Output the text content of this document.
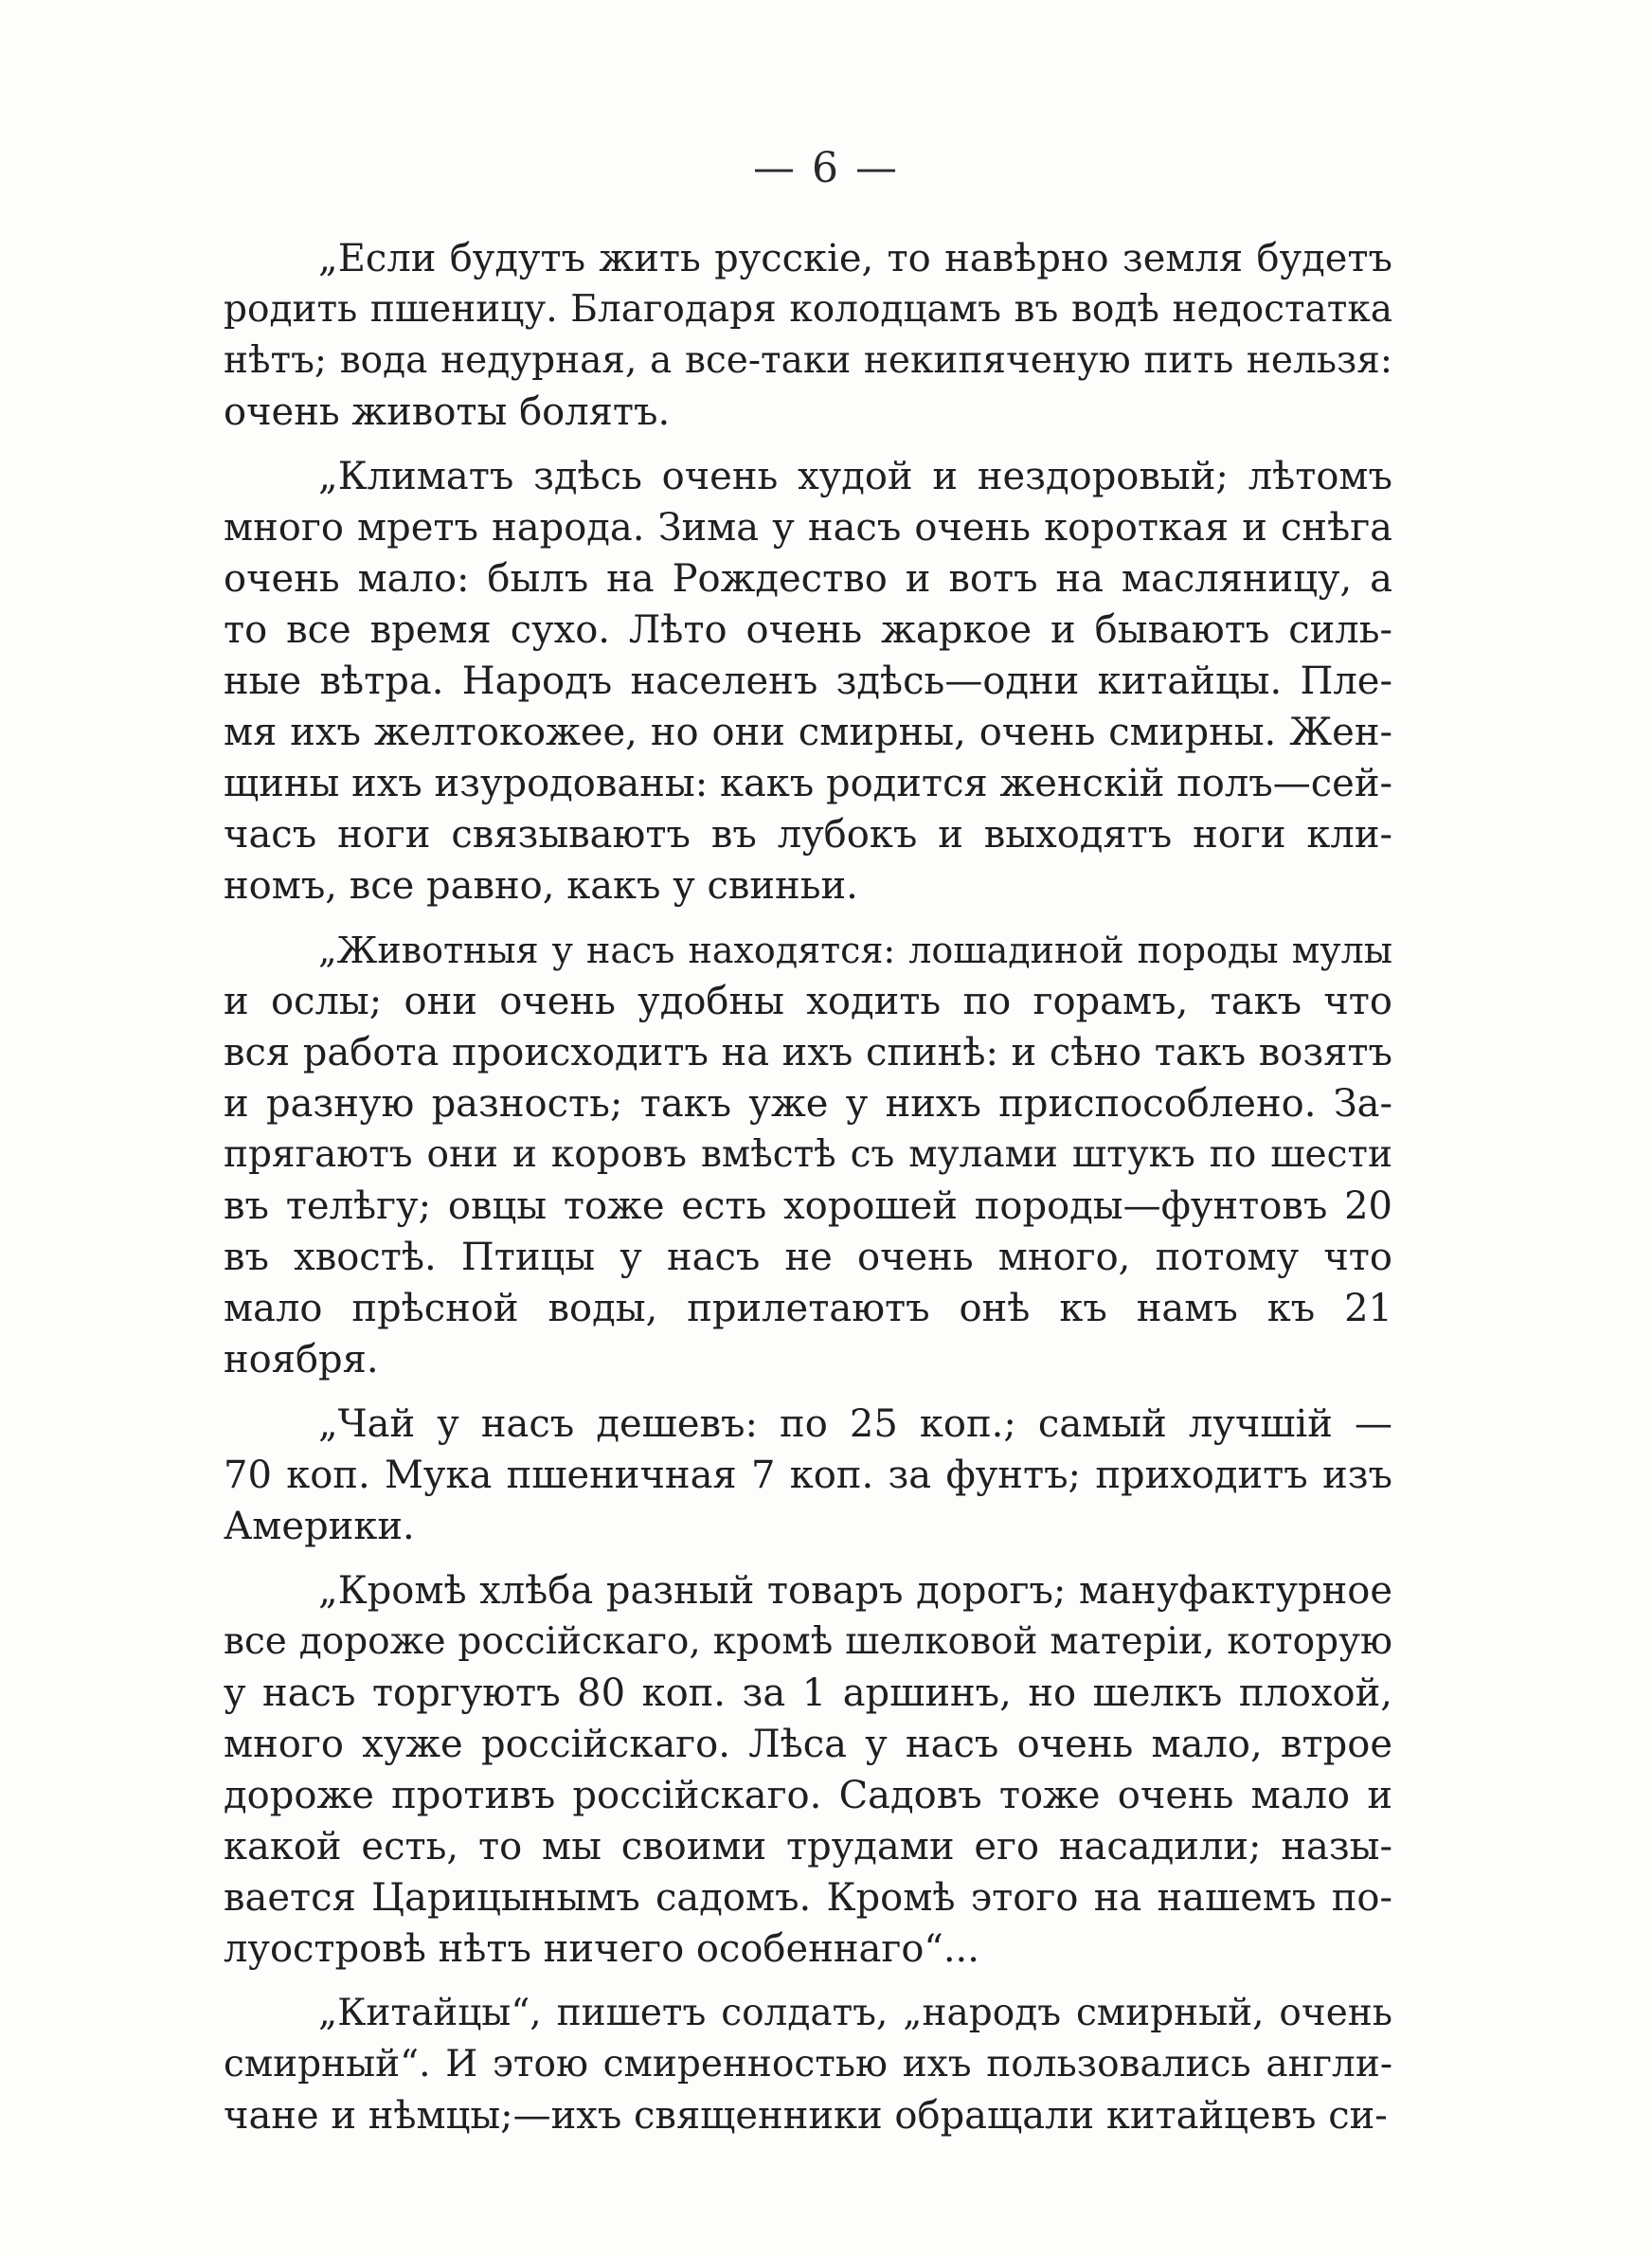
— 6 —
„Если будутъ жить русскіе, то навѣрно земля будетъ
родить пшеницу. Благодаря колодцамъ въ водѣ недостатка
нѣтъ; вода недурная, а все-таки некипяченую пить нельзя:
очень животы болятъ.
„Климатъ здѣсь очень худой и нездоровый; лѣтомъ
много мретъ народа. Зима у насъ очень короткая и снѣга
очень мало: былъ на Рождество и вотъ на масляницу, а
то все время сухо. Лѣто очень жаркое и бываютъ силь-
ные вѣтра. Народъ населенъ здѣсь—одни китайцы. Пле-
мя ихъ желтокожее, но они смирны, очень смирны. Жен-
щины ихъ изуродованы: какъ родится женскій полъ—сей-
часъ ноги связываютъ въ лубокъ и выходятъ ноги кли-
номъ, все равно, какъ у свиньи.
„Животныя у насъ находятся: лошадиной породы мулы
и ослы; они очень удобны ходить по горамъ, такъ что
вся работа происходитъ на ихъ спинѣ: и сѣно такъ возятъ
и разную разность; такъ уже у нихъ приспособлено. За-
прягаютъ они и коровъ вмѣстѣ съ мулами штукъ по шести
въ телѣгу; овцы тоже есть хорошей породы—фунтовъ 20
въ хвостѣ. Птицы у насъ не очень много, потому что
мало прѣсной воды, прилетаютъ онѣ къ намъ къ 21
ноября.
„Чай у насъ дешевъ: по 25 коп.; самый лучшій —
70 коп. Мука пшеничная 7 коп. за фунтъ; приходитъ изъ
Америки.
„Кромѣ хлѣба разный товаръ дорогъ; мануфактурное
все дороже россійскаго, кромѣ шелковой матеріи, которую
у насъ торгуютъ 80 коп. за 1 аршинъ, но шелкъ плохой,
много хуже россійскаго. Лѣса у насъ очень мало, втрое
дороже противъ россійскаго. Садовъ тоже очень мало и
какой есть, то мы своими трудами его насадили; назы-
вается Царицынымъ садомъ. Кромѣ этого на нашемъ по-
луостровѣ нѣтъ ничего особеннаго“...
„Китайцы“, пишетъ солдатъ, „народъ смирный, очень
смирный“. И этою смиренностью ихъ пользовались англи-
чане и нѣмцы;—ихъ священники обращали китайцевъ си-
